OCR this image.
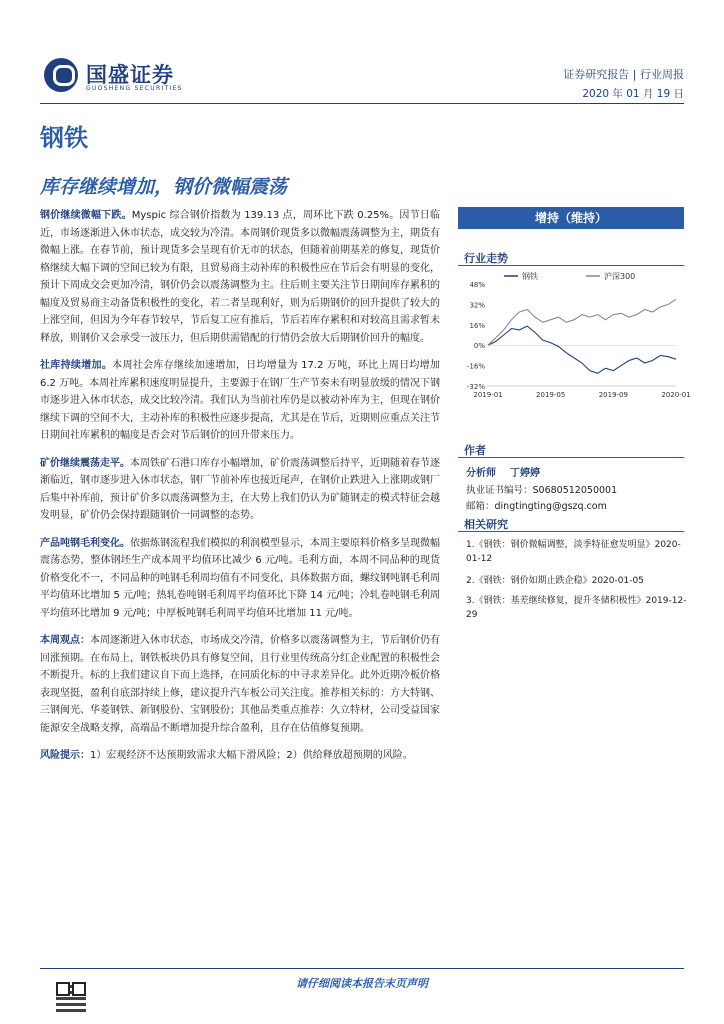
国盛证券
GUOSHENG SECURITIES
证券研究报告 | 行业周报
2020 年 01 月 19 日
钢铁
库存继续增加，钢价微幅震荡

钢价继续微幅下跌。Myspic 综合钢价指数为 139.13 点，周环比下跌 0.25%。因节日临近，市场逐渐进入休市状态，成交较为冷清。本周钢价现货多以微幅震荡调整为主，期货有微幅上涨。在春节前，预计现货多会呈现有价无市的状态，但随着前期基差的修复，现货价格继续大幅下调的空间已较为有限，且贸易商主动补库的积极性应在节后会有明显的变化，预计下周成交会更加冷清，钢价仍会以震荡调整为主。往后则主要关注节日期间库存累积的幅度及贸易商主动备货积极性的变化，若二者呈现利好，则为后期钢价的回升提供了较大的上涨空间，但因为今年春节较早，节后复工应有推后，节后若库存累积和对较高且需求暂未释放，则钢价又会承受一波压力，但后期供需错配的行情仍会放大后期钢价回升的幅度。

社库持续增加。本周社会库存继续加速增加，日均增量为 17.2 万吨，环比上周日均增加 6.2 万吨。本周社库累积速度明显提升，主要源于在钢厂生产节奏未有明显放缓的情况下钢市逐步进入休市状态，成交比较冷清。我们认为当前社库仍是以被动补库为主，但现在钢价继续下调的空间不大，主动补库的积极性应逐步提高，尤其是在节后，近期则应重点关注节日期间社库累积的幅度是否会对节后钢价的回升带来压力。

矿价继续震荡走平。本周铁矿石港口库存小幅增加，矿价震荡调整后持平，近期随着春节逐渐临近，钢市逐步进入休市状态，钢厂节前补库也接近尾声，在钢价止跌进入上涨期或钢厂后集中补库前，预计矿价多以震荡调整为主，在大势上我们仍认为矿随钢走的模式特征会越发明显，矿价仍会保持跟随钢价一同调整的态势。

产品吨钢毛利变化。依据炼钢流程我们模拟的利润模型显示，本周主要原料价格多呈现微幅震荡态势，整体钢坯生产成本周平均值环比减少 6 元/吨。毛利方面，本周不同品种的现货价格变化不一，不同品种的吨钢毛利周均值有不同变化，具体数据方面，螺纹钢吨钢毛利周平均值环比增加 5 元/吨；热轧卷吨钢毛利周平均值环比下降 14 元/吨；冷轧卷吨钢毛利周平均值环比增加 9 元/吨；中厚板吨钢毛利周平均值环比增加 11 元/吨。

本周观点：本周逐渐进入休市状态，市场成交冷清，价格多以震荡调整为主，节后钢价仍有回涨预期。在布局上，钢铁板块仍具有修复空间，且行业里传统高分红企业配置的积极性会不断提升。标的上我们建议自下而上选择，在同质化标的中寻求差异化。此外近期冷板价格表现坚挺，盈利自底部持续上修，建议提升汽车板公司关注度。推荐相关标的：方大特钢、三钢闽光、华菱钢铁、新钢股份、宝钢股份；其他品类重点推荐：久立特材，公司受益国家能源安全战略支撑，高端品不断增加提升综合盈利，且存在估值修复预期。

风险提示：1）宏观经济不达预期致需求大幅下滑风险；2）供给释放超预期的风险。

增持（维持）
行业走势
钢铁	沪深300
48%
32%
16%
0%
-16%
-32%
2019-01	2019-05	2019-09	2020-01
作者
分析师 丁婷婷
执业证书编号：S0680512050001
邮箱：dingtingting@gszq.com
相关研究
1.《钢铁：钢价微幅调整，淡季特征愈发明显》2020-01-12
2.《钢铁：钢价如期止跌企稳》2020-01-05
3.《钢铁：基差继续修复，提升冬储积极性》2019-12-29
请仔细阅读本报告末页声明
